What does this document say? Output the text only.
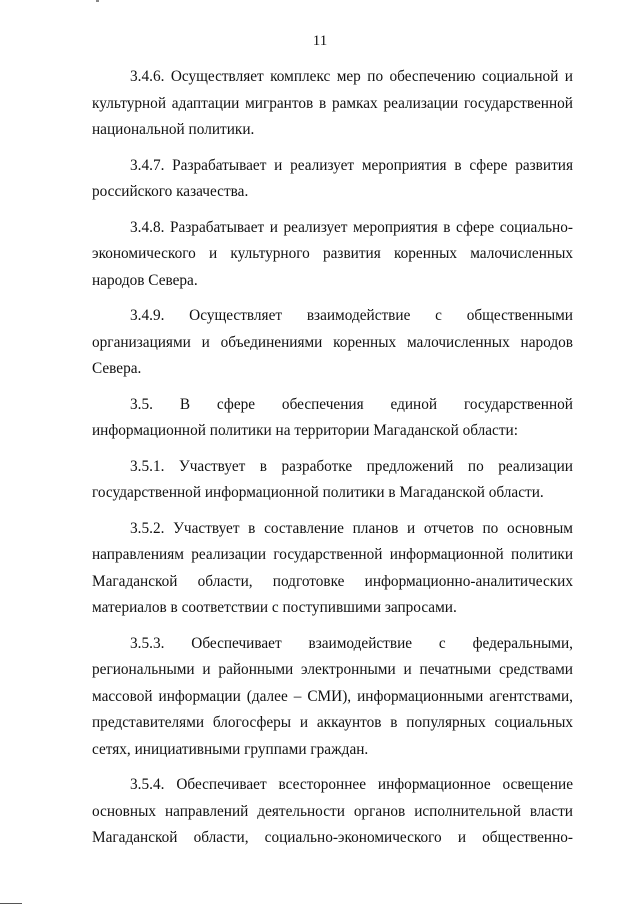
11

3.4.6. Осуществляет комплекс мер по обеспечению социальной и культурной адаптации мигрантов в рамках реализации государственной национальной политики.

3.4.7. Разрабатывает и реализует мероприятия в сфере развития российского казачества.

3.4.8. Разрабатывает и реализует мероприятия в сфере социально-экономического и культурного развития коренных малочисленных народов Севера.

3.4.9. Осуществляет взаимодействие с общественными организациями и объединениями коренных малочисленных народов Севера.

3.5. В сфере обеспечения единой государственной информационной политики на территории Магаданской области:

3.5.1. Участвует в разработке предложений по реализации государственной информационной политики в Магаданской области.

3.5.2. Участвует в составление планов и отчетов по основным направлениям реализации государственной информационной политики Магаданской области, подготовке информационно-аналитических материалов в соответствии с поступившими запросами.

3.5.3. Обеспечивает взаимодействие с федеральными, региональными и районными электронными и печатными средствами массовой информации (далее – СМИ), информационными агентствами, представителями блогосферы и аккаунтов в популярных социальных сетях, инициативными группами граждан.

3.5.4. Обеспечивает всестороннее информационное освещение основных направлений деятельности органов исполнительной власти Магаданской области, социально-экономического и общественно-
